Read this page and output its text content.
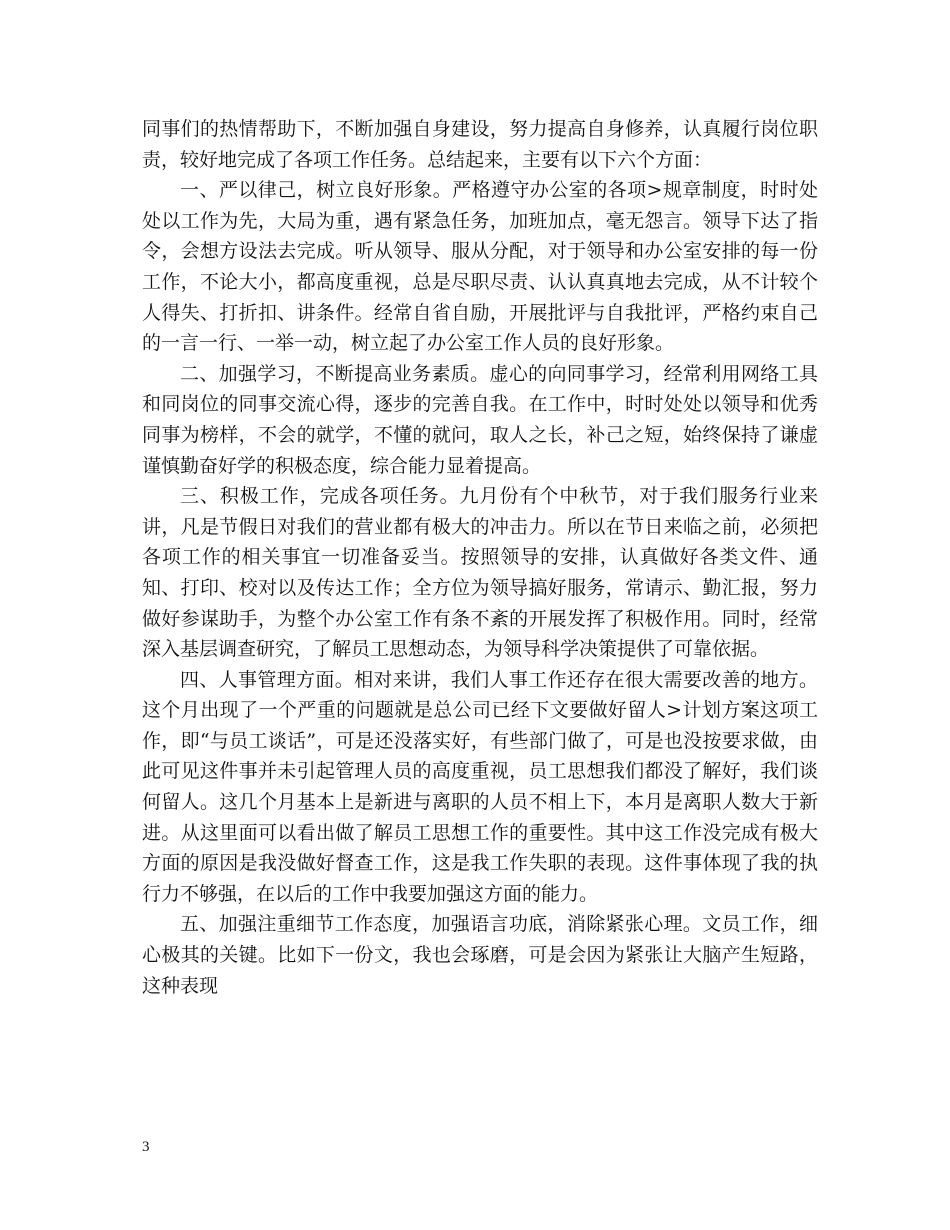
同事们的热情帮助下，不断加强自身建设，努力提高自身修养，认真履行岗位职责，较好地完成了各项工作任务。总结起来，主要有以下六个方面：

一、严以律己，树立良好形象。严格遵守办公室的各项>规章制度，时时处处以工作为先，大局为重，遇有紧急任务，加班加点，毫无怨言。领导下达了指令，会想方设法去完成。听从领导、服从分配，对于领导和办公室安排的每一份工作，不论大小，都高度重视，总是尽职尽责、认认真真地去完成，从不计较个人得失、打折扣、讲条件。经常自省自励，开展批评与自我批评，严格约束自己的一言一行、一举一动，树立起了办公室工作人员的良好形象。

二、加强学习，不断提高业务素质。虚心的向同事学习，经常利用网络工具和同岗位的同事交流心得，逐步的完善自我。在工作中，时时处处以领导和优秀同事为榜样，不会的就学，不懂的就问，取人之长，补己之短，始终保持了谦虚谨慎勤奋好学的积极态度，综合能力显着提高。

三、积极工作，完成各项任务。九月份有个中秋节，对于我们服务行业来讲，凡是节假日对我们的营业都有极大的冲击力。所以在节日来临之前，必须把各项工作的相关事宜一切准备妥当。按照领导的安排，认真做好各类文件、通知、打印、校对以及传达工作；全方位为领导搞好服务，常请示、勤汇报，努力做好参谋助手，为整个办公室工作有条不紊的开展发挥了积极作用。同时，经常深入基层调查研究，了解员工思想动态，为领导科学决策提供了可靠依据。

四、人事管理方面。相对来讲，我们人事工作还存在很大需要改善的地方。这个月出现了一个严重的问题就是总公司已经下文要做好留人>计划方案这项工作，即“与员工谈话”，可是还没落实好，有些部门做了，可是也没按要求做，由此可见这件事并未引起管理人员的高度重视，员工思想我们都没了解好，我们谈何留人。这几个月基本上是新进与离职的人员不相上下，本月是离职人数大于新进。从这里面可以看出做了解员工思想工作的重要性。其中这工作没完成有极大方面的原因是我没做好督查工作，这是我工作失职的表现。这件事体现了我的执行力不够强，在以后的工作中我要加强这方面的能力。

五、加强注重细节工作态度，加强语言功底，消除紧张心理。文员工作，细心极其的关键。比如下一份文，我也会琢磨，可是会因为紧张让大脑产生短路，这种表现

3
